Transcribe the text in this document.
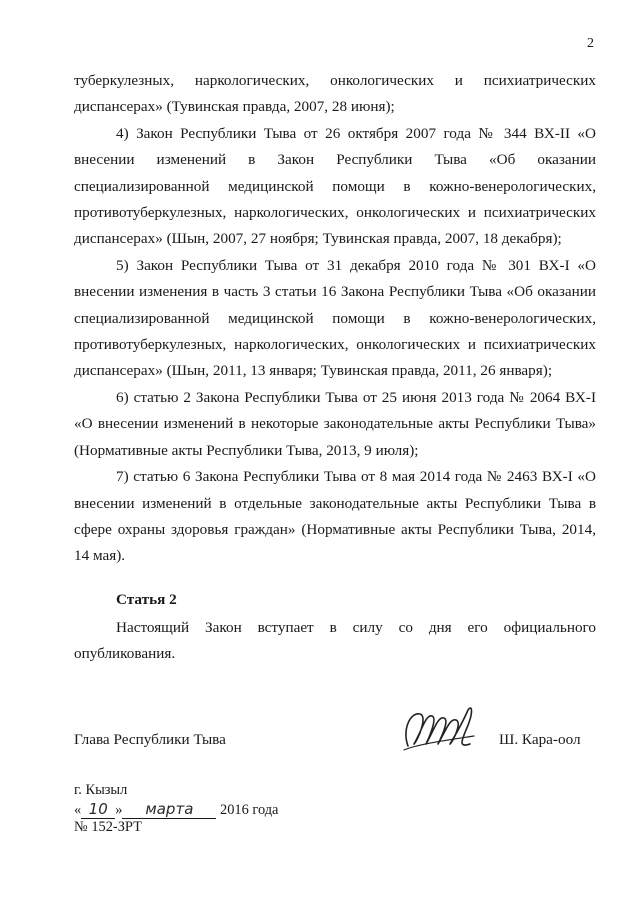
2

туберкулезных, наркологических, онкологических и психиатрических диспансерах» (Тувинская правда, 2007, 28 июня);

4) Закон Республики Тыва от 26 октября 2007 года № 344 ВХ-II «О внесении изменений в Закон Республики Тыва «Об оказании специализированной медицинской помощи в кожно-венерологических, противотуберкулезных, наркологических, онкологических и психиатрических диспансерах» (Шын, 2007, 27 ноября; Тувинская правда, 2007, 18 декабря);

5) Закон Республики Тыва от 31 декабря 2010 года № 301 ВХ-I «О внесении изменения в часть 3 статьи 16 Закона Республики Тыва «Об оказании специализированной медицинской помощи в кожно-венерологических, противотуберкулезных, наркологических, онкологических и психиатрических диспансерах» (Шын, 2011, 13 января; Тувинская правда, 2011, 26 января);

6) статью 2 Закона Республики Тыва от 25 июня 2013 года № 2064 ВХ-I «О внесении изменений в некоторые законодательные акты Республики Тыва» (Нормативные акты Республики Тыва, 2013, 9 июля);

7) статью 6 Закона Республики Тыва от 8 мая 2014 года № 2463 ВХ-I «О внесении изменений в отдельные законодательные акты Республики Тыва в сфере охраны здоровья граждан» (Нормативные акты Республики Тыва, 2014, 14 мая).

Статья 2
Настоящий Закон вступает в силу со дня его официального опубликования.
Глава Республики Тыва	Ш. Кара-оол
г. Кызыл
« 10 » марта 2016 года
№ 152-ЗРТ
